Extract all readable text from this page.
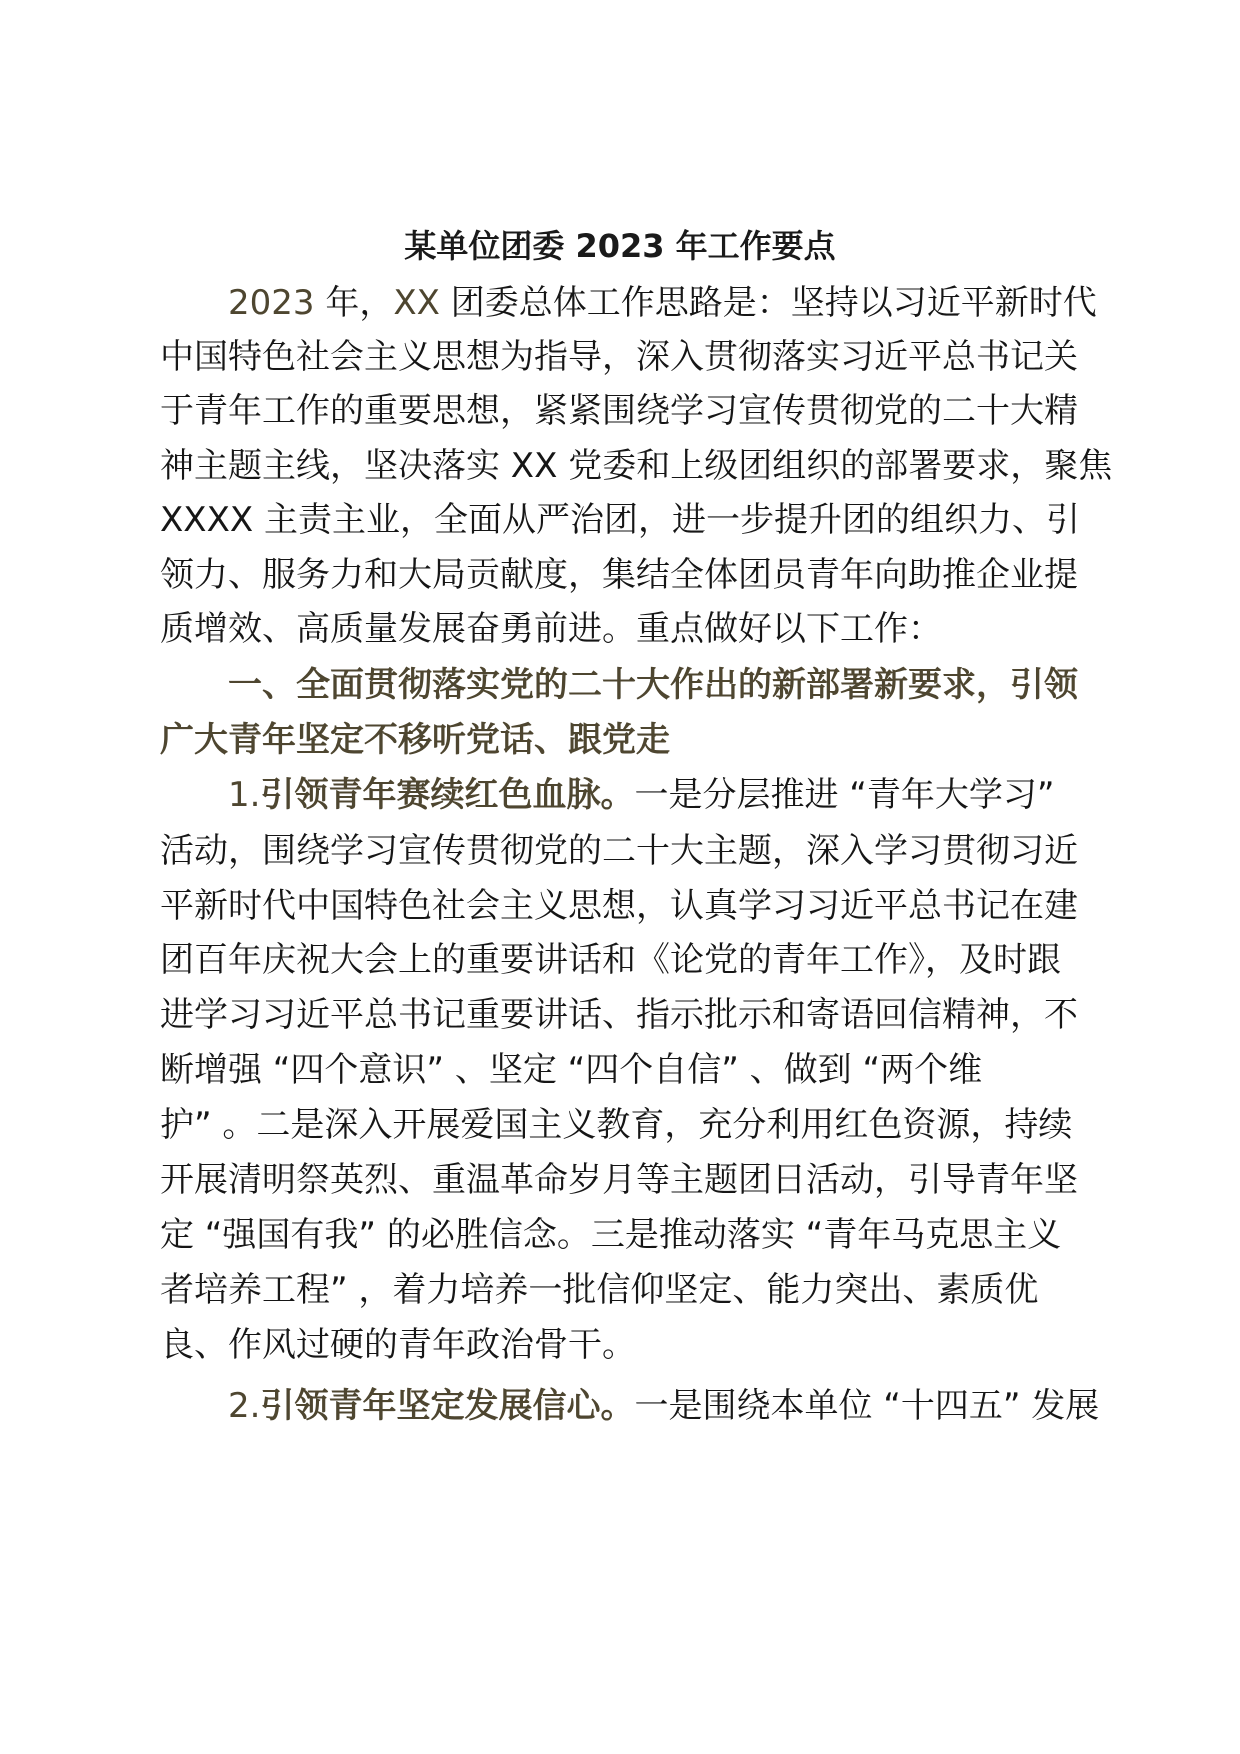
某单位团委 2023 年工作要点
2023 年，XX 团委总体工作思路是：坚持以习近平新时代
中国特色社会主义思想为指导，深入贯彻落实习近平总书记关
于青年工作的重要思想，紧紧围绕学习宣传贯彻党的二十大精
神主题主线，坚决落实 XX 党委和上级团组织的部署要求，聚焦
XXXX 主责主业，全面从严治团，进一步提升团的组织力、引
领力、服务力和大局贡献度，集结全体团员青年向助推企业提
质增效、高质量发展奋勇前进。重点做好以下工作：
一、全面贯彻落实党的二十大作出的新部署新要求，引领
广大青年坚定不移听党话、跟党走
1.引领青年赛续红色血脉。一是分层推进 “青年大学习”
活动，围绕学习宣传贯彻党的二十大主题，深入学习贯彻习近
平新时代中国特色社会主义思想，认真学习习近平总书记在建
团百年庆祝大会上的重要讲话和《论党的青年工作》，及时跟
进学习习近平总书记重要讲话、指示批示和寄语回信精神，不
断增强 “四个意识” 、坚定 “四个自信” 、做到 “两个维
护” 。二是深入开展爱国主义教育，充分利用红色资源，持续
开展清明祭英烈、重温革命岁月等主题团日活动，引导青年坚
定 “强国有我” 的必胜信念。三是推动落实 “青年马克思主义
者培养工程” ，着力培养一批信仰坚定、能力突出、素质优
良、作风过硬的青年政治骨干。
2.引领青年坚定发展信心。一是围绕本单位 “十四五” 发展
